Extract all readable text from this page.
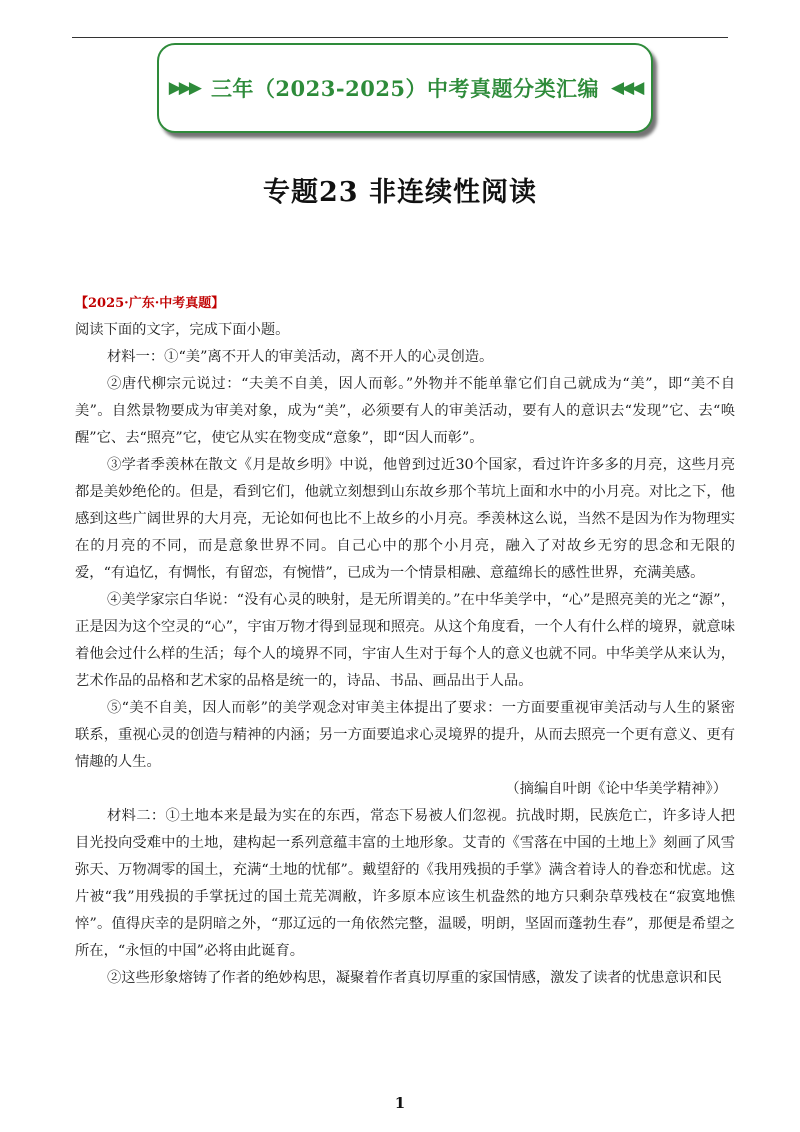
▶▶▶ 三年（2023-2025）中考真题分类汇编 ◀◀◀
专题23 非连续性阅读

【2025·广东·中考真题】

阅读下面的文字，完成下面小题。

材料一：①“美”离不开人的审美活动，离不开人的心灵创造。

②唐代柳宗元说过：“夫美不自美，因人而彰。”外物并不能单靠它们自己就成为“美”，即“美不自美”。自然景物要成为审美对象，成为“美”，必须要有人的审美活动，要有人的意识去“发现”它、去“唤醒”它、去“照亮”它，使它从实在物变成“意象”，即“因人而彰”。

③学者季羡林在散文《月是故乡明》中说，他曾到过近30个国家，看过许许多多的月亮，这些月亮都是美妙绝伦的。但是，看到它们，他就立刻想到山东故乡那个苇坑上面和水中的小月亮。对比之下，他感到这些广阔世界的大月亮，无论如何也比不上故乡的小月亮。季羡林这么说，当然不是因为作为物理实在的月亮的不同，而是意象世界不同。自己心中的那个小月亮，融入了对故乡无穷的思念和无限的爱，“有追忆，有惆怅，有留恋，有惋惜”，已成为一个情景相融、意蕴绵长的感性世界，充满美感。

④美学家宗白华说：“没有心灵的映射，是无所谓美的。”在中华美学中，“心”是照亮美的光之“源”，正是因为这个空灵的“心”，宇宙万物才得到显现和照亮。从这个角度看，一个人有什么样的境界，就意味着他会过什么样的生活；每个人的境界不同，宇宙人生对于每个人的意义也就不同。中华美学从来认为，艺术作品的品格和艺术家的品格是统一的，诗品、书品、画品出于人品。

⑤“美不自美，因人而彰”的美学观念对审美主体提出了要求：一方面要重视审美活动与人生的紧密联系，重视心灵的创造与精神的内涵；另一方面要追求心灵境界的提升，从而去照亮一个更有意义、更有情趣的人生。

（摘编自叶朗《论中华美学精神》）

材料二：①土地本来是最为实在的东西，常态下易被人们忽视。抗战时期，民族危亡，许多诗人把目光投向受难中的土地，建构起一系列意蕴丰富的土地形象。艾青的《雪落在中国的土地上》刻画了风雪弥天、万物凋零的国土，充满“土地的忧郁”。戴望舒的《我用残损的手掌》满含着诗人的眷恋和忧虑。这片被“我”用残损的手掌抚过的国土荒芜凋敝，许多原本应该生机盎然的地方只剩杂草残枝在“寂寞地憔悴”。值得庆幸的是阴暗之外，“那辽远的一角依然完整，温暖，明朗，坚固而蓬勃生春”，那便是希望之所在，“永恒的中国”必将由此诞育。

②这些形象熔铸了作者的绝妙构思，凝聚着作者真切厚重的家国情感，激发了读者的忧患意识和民

1
